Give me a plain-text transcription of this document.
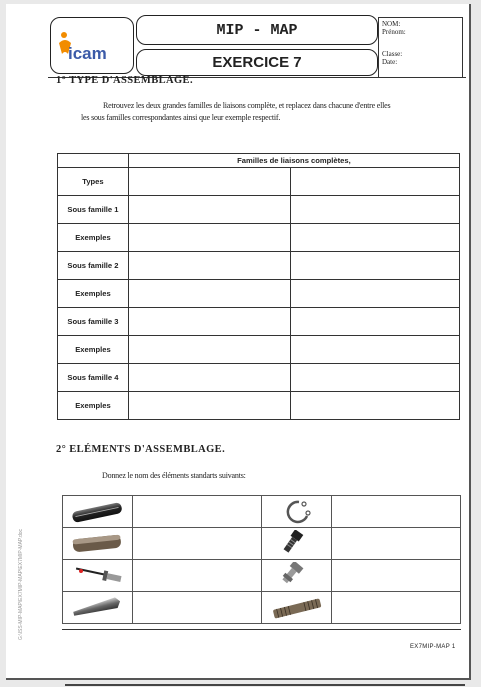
icam
MIP - MAP
EXERCICE 7
NOM:
Prénom:
Classe:
Date:
1° TYPE D'ASSEMBLAGE.
Retrouvez les deux grandes familles de liaisons complète, et replacez dans chacune d'entre elles
les sous familles correspondantes ainsi que leur exemple respectif.
	Familles de liaisons complètes,	
Types		
Sous famille 1		
Exemples		
Sous famille 2		
Exemples		
Sous famille 3		
Exemples		
Sous famille 4		
Exemples		
2° ELÉMENTS D'ASSEMBLAGE.
Donnez le nom des éléments standarts suivants:

G:\ISS-MIP-MAP\EX7MIP-MAP\EX7MIP-MAP.doc
EX7MIP-MAP 1
